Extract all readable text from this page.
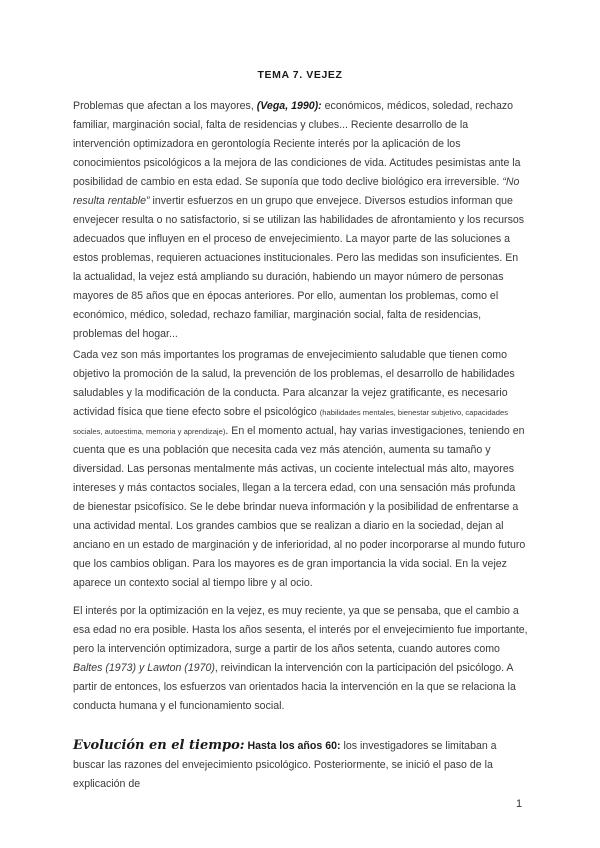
TEMA 7. VEJEZ

Problemas que afectan a los mayores, (Vega, 1990): económicos, médicos, soledad, rechazo familiar, marginación social, falta de residencias y clubes... Reciente desarrollo de la intervención optimizadora en gerontología Reciente interés por la aplicación de los conocimientos psicológicos a la mejora de las condiciones de vida. Actitudes pesimistas ante la posibilidad de cambio en esta edad. Se suponía que todo declive biológico era irreversible. “No resulta rentable” invertir esfuerzos en un grupo que envejece. Diversos estudios informan que envejecer resulta o no satisfactorio, si se utilizan las habilidades de afrontamiento y los recursos adecuados que influyen en el proceso de envejecimiento. La mayor parte de las soluciones a estos problemas, requieren actuaciones institucionales. Pero las medidas son insuficientes. En la actualidad, la vejez está ampliando su duración, habiendo un mayor número de personas mayores de 85 años que en épocas anteriores. Por ello, aumentan los problemas, como el económico, médico, soledad, rechazo familiar, marginación social, falta de residencias, problemas del hogar...

Cada vez son más importantes los programas de envejecimiento saludable que tienen como objetivo la promoción de la salud, la prevención de los problemas, el desarrollo de habilidades saludables y la modificación de la conducta. Para alcanzar la vejez gratificante, es necesario actividad física que tiene efecto sobre el psicológico (habilidades mentales, bienestar subjetivo, capacidades sociales, autoestima, memoria y aprendizaje). En el momento actual, hay varias investigaciones, teniendo en cuenta que es una población que necesita cada vez más atención, aumenta su tamaño y diversidad. Las personas mentalmente más activas, un cociente intelectual más alto, mayores intereses y más contactos sociales, llegan a la tercera edad, con una sensación más profunda de bienestar psicofísico. Se le debe brindar nueva información y la posibilidad de enfrentarse a una actividad mental. Los grandes cambios que se realizan a diario en la sociedad, dejan al anciano en un estado de marginación y de inferioridad, al no poder incorporarse al mundo futuro que los cambios obligan. Para los mayores es de gran importancia la vida social. En la vejez aparece un contexto social al tiempo libre y al ocio.

El interés por la optimización en la vejez, es muy reciente, ya que se pensaba, que el cambio a esa edad no era posible. Hasta los años sesenta, el interés por el envejecimiento fue importante, pero la intervención optimizadora, surge a partir de los años setenta, cuando autores como Baltes (1973) y Lawton (1970), reivindican la intervención con la participación del psicólogo. A partir de entonces, los esfuerzos van orientados hacia la intervención en la que se relaciona la conducta humana y el funcionamiento social.

Evolución en el tiempo: Hasta los años 60: los investigadores se limitaban a buscar las razones del envejecimiento psicológico. Posteriormente, se inició el paso de la explicación de

1
